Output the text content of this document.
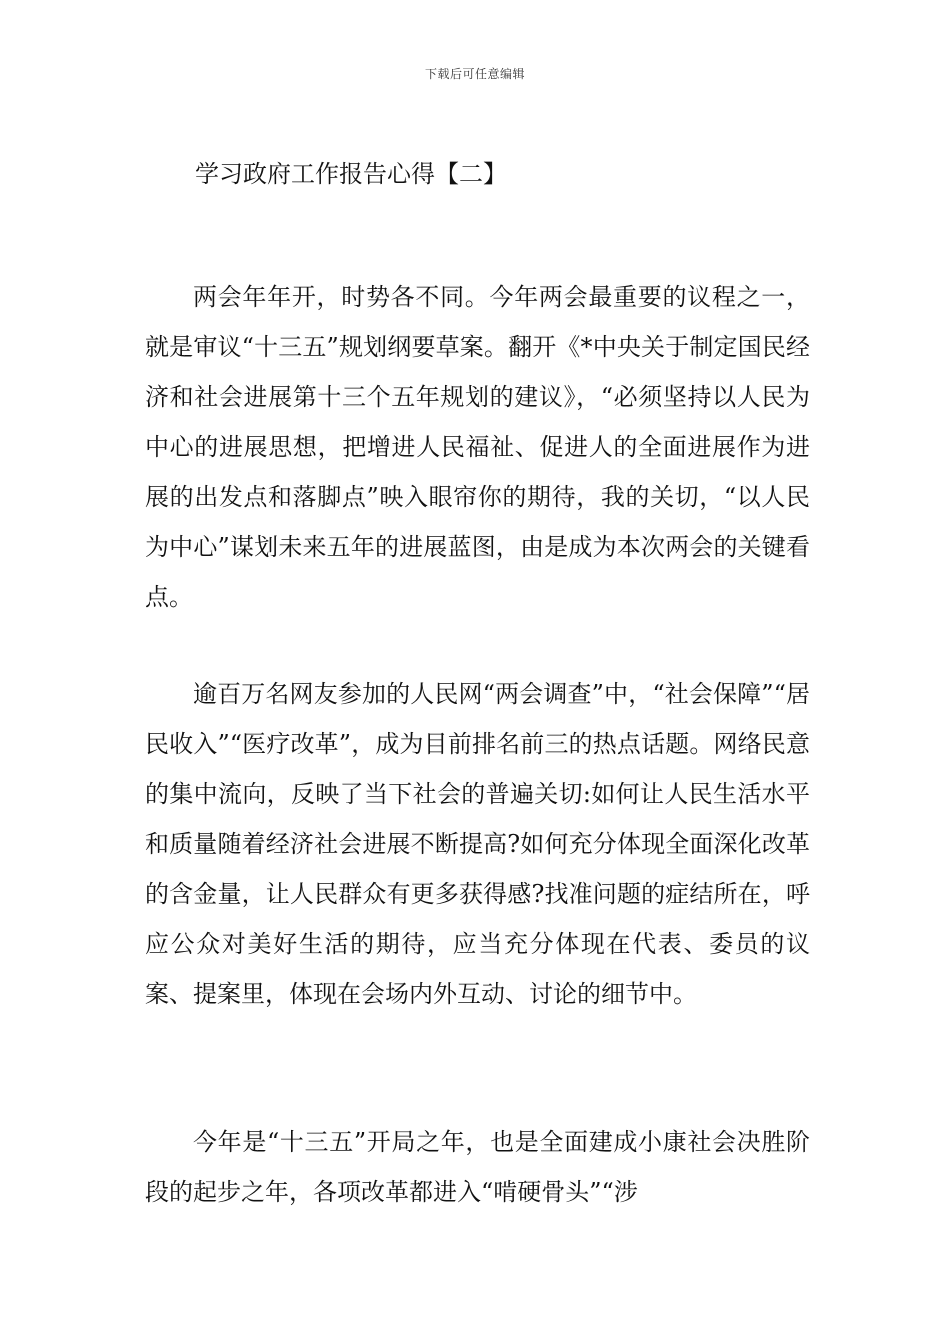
下载后可任意编辑
学习政府工作报告心得【二】

两会年年开，时势各不同。今年两会最重要的议程之一，就是审议“十三五”规划纲要草案。翻开《*中央关于制定国民经济和社会进展第十三个五年规划的建议》，“必须坚持以人民为中心的进展思想，把增进人民福祉、促进人的全面进展作为进展的出发点和落脚点”映入眼帘你的期待，我的关切，“以人民为中心”谋划未来五年的进展蓝图，由是成为本次两会的关键看点。

逾百万名网友参加的人民网“两会调查”中，“社会保障”“居民收入”“医疗改革”，成为目前排名前三的热点话题。网络民意的集中流向，反映了当下社会的普遍关切:如何让人民生活水平和质量随着经济社会进展不断提高?如何充分体现全面深化改革的含金量，让人民群众有更多获得感?找准问题的症结所在，呼应公众对美好生活的期待，应当充分体现在代表、委员的议案、提案里，体现在会场内外互动、讨论的细节中。

今年是“十三五”开局之年，也是全面建成小康社会决胜阶段的起步之年，各项改革都进入“啃硬骨头”“涉
